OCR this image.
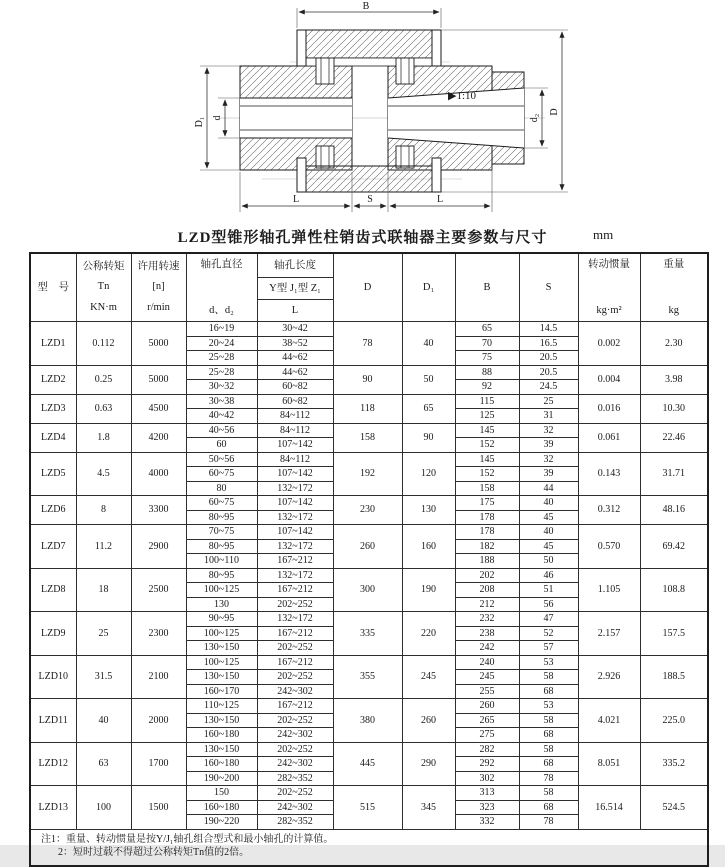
▶1:10
B
D₁ d	d₂
D
L	S	L
LZD型锥形轴孔弹性柱销齿式联轴器主要参数与尺寸	mm
型　号	公称转矩
Tn
KN·m	许用转速
[n]
r/min	轴孔直径
d、d₂	轴孔长度	D	D₁	B	S	转动惯量
kg·m²	重量
kg

				Y型 J₁型 Z₁						
				L						
LZD1	0.112	5000	16~19	30~42	78	40	65	14.5	0.002	2.30
			20~24	38~52			70	16.5		
			25~28	44~62			75	20.5		
LZD2	0.25	5000	25~28	44~62	90	50	88	20.5	0.004	3.98
			30~32	60~82			92	24.5		
LZD3	0.63	4500	30~38	60~82	118	65	115	25	0.016	10.30
			40~42	84~112			125	31		
LZD4	1.8	4200	40~56	84~112	158	90	145	32	0.061	22.46
			60	107~142			152	39		
LZD5	4.5	4000	50~56	84~112	192	120	145	32	0.143	31.71
			60~75	107~142			152	39		
			80	132~172			158	44		
LZD6	8	3300	60~75	107~142	230	130	175	40	0.312	48.16
			80~95	132~172			178	45		
LZD7	11.2	2900	70~75	107~142	260	160	178	40	0.570	69.42
			80~95	132~172			182	45		
			100~110	167~212			188	50		
LZD8	18	2500	80~95	132~172	300	190	202	46	1.105	108.8
			100~125	167~212			208	51		
			130	202~252			212	56		
LZD9	25	2300	90~95	132~172	335	220	232	47	2.157	157.5
			100~125	167~212			238	52		
			130~150	202~252			242	57		
LZD10	31.5	2100	100~125	167~212	355	245	240	53	2.926	188.5
			130~150	202~252			245	58		
			160~170	242~302			255	68		
LZD11	40	2000	110~125	167~212	380	260	260	53	4.021	225.0
			130~150	202~252			265	58		
			160~180	242~302			275	68		
LZD12	63	1700	130~150	202~252	445	290	282	58	8.051	335.2
			160~180	242~302			292	68		
			190~200	282~352			302	78		
LZD13	100	1500	150	202~252	515	345	313	58	16.514	524.5
			160~180	242~302			323	68		
			190~220	282~352			332	78		

注1：重量、转动惯量是按Y/J₁轴孔组合型式和最小轴孔的计算值。
2：短时过载不得超过公称转矩Tn值的2倍。										
